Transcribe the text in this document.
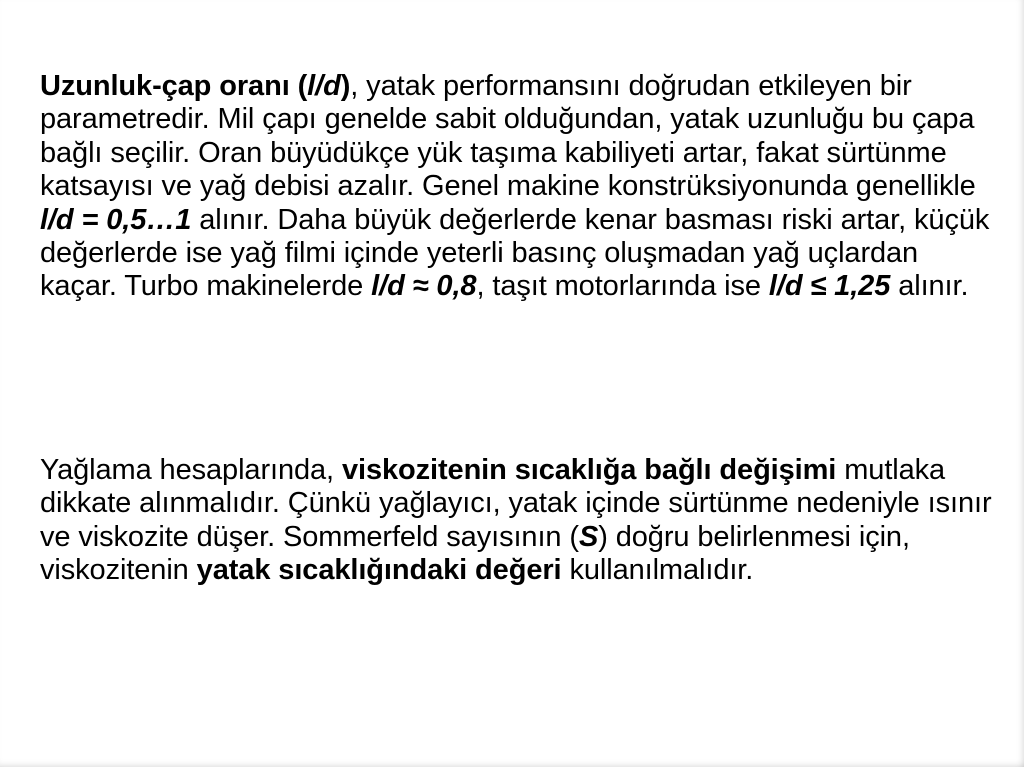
Uzunluk-çap oranı (l/d), yatak performansını doğrudan etkileyen bir parametredir. Mil çapı genelde sabit olduğundan, yatak uzunluğu bu çapa bağlı seçilir. Oran büyüdükçe yük taşıma kabiliyeti artar, fakat sürtünme katsayısı ve yağ debisi azalır. Genel makine konstrüksiyonunda genellikle l/d = 0,5…1 alınır. Daha büyük değerlerde kenar basması riski artar, küçük değerlerde ise yağ filmi içinde yeterli basınç oluşmadan yağ uçlardan kaçar. Turbo makinelerde l/d ≈ 0,8, taşıt motorlarında ise l/d ≤ 1,25 alınır.

Yağlama hesaplarında, viskozitenin sıcaklığa bağlı değişimi mutlaka dikkate alınmalıdır. Çünkü yağlayıcı, yatak içinde sürtünme nedeniyle ısınır ve viskozite düşer. Sommerfeld sayısının (S) doğru belirlenmesi için, viskozitenin yatak sıcaklığındaki değeri kullanılmalıdır.
